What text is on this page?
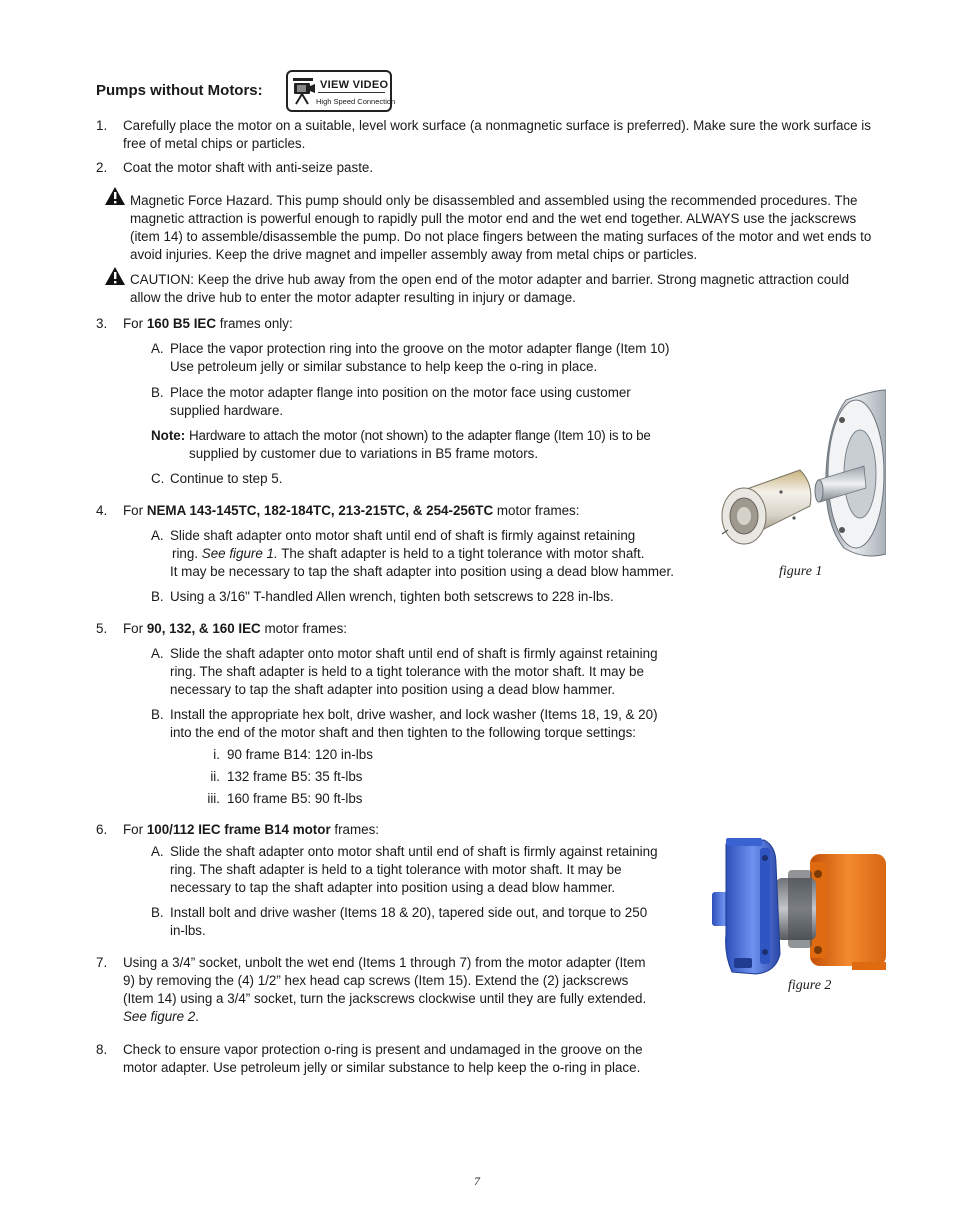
Pumps without Motors:	VIEW VIDEO
High Speed Connection
1.	Carefully place the motor on a suitable, level work surface (a nonmagnetic surface is preferred). Make sure the work surface is
free of metal chips or particles.
2.	Coat the motor shaft with anti-seize paste.
Magnetic Force Hazard. This pump should only be disassembled and assembled using the recommended procedures. The
magnetic attraction is powerful enough to rapidly pull the motor end and the wet end together. ALWAYS use the jackscrews
(item 14) to assemble/disassemble the pump. Do not place fingers between the mating surfaces of the motor and wet ends to
avoid injuries. Keep the drive magnet and impeller assembly away from metal chips or particles.
CAUTION: Keep the drive hub away from the open end of the motor adapter and barrier. Strong magnetic attraction could
allow the drive hub to enter the motor adapter resulting in injury or damage.
3.	For 160 B5 IEC frames only:
A. Place the vapor protection ring into the groove on the motor adapter flange (Item 10)
Use petroleum jelly or similar substance to help keep the o-ring in place.
B. Place the motor adapter flange into position on the motor face using customer
supplied hardware.
Note: Hardware to attach the motor (not shown) to the adapter flange (Item 10) is to be
supplied by customer due to variations in B5 frame motors.
C. Continue to step 5.
4.	For NEMA 143-145TC, 182-184TC, 213-215TC, & 254-256TC motor frames:
A. Slide shaft adapter onto motor shaft until end of shaft is firmly against retaining
ring. See figure 1. The shaft adapter is held to a tight tolerance with motor shaft.
It may be necessary to tap the shaft adapter into position using a dead blow hammer.
B. Using a 3/16" T-handled Allen wrench, tighten both setscrews to 228 in-lbs.
5.	For 90, 132, & 160 IEC motor frames:
A. Slide the shaft adapter onto motor shaft until end of shaft is firmly against retaining
ring. The shaft adapter is held to a tight tolerance with the motor shaft. It may be
necessary to tap the shaft adapter into position using a dead blow hammer.
B. Install the appropriate hex bolt, drive washer, and lock washer (Items 18, 19, & 20)
into the end of the motor shaft and then tighten to the following torque settings:
i. 90 frame B14: 120 in-lbs
ii. 132 frame B5: 35 ft-lbs
iii. 160 frame B5: 90 ft-lbs
6.	For 100/112 IEC frame B14 motor frames:
A. Slide the shaft adapter onto motor shaft until end of shaft is firmly against retaining
ring. The shaft adapter is held to a tight tolerance with motor shaft. It may be
necessary to tap the shaft adapter into position using a dead blow hammer.
B. Install bolt and drive washer (Items 18 & 20), tapered side out, and torque to 250
in-lbs.
7.	Using a 3/4” socket, unbolt the wet end (Items 1 through 7) from the motor adapter (Item
9) by removing the (4) 1/2” hex head cap screws (Item 15). Extend the (2) jackscrews
(Item 14) using a 3/4” socket, turn the jackscrews clockwise until they are fully extended.
See figure 2.
8.	Check to ensure vapor protection o-ring is present and undamaged in the groove on the
motor adapter. Use petroleum jelly or similar substance to help keep the o-ring in place.
figure 1
figure 2
7
